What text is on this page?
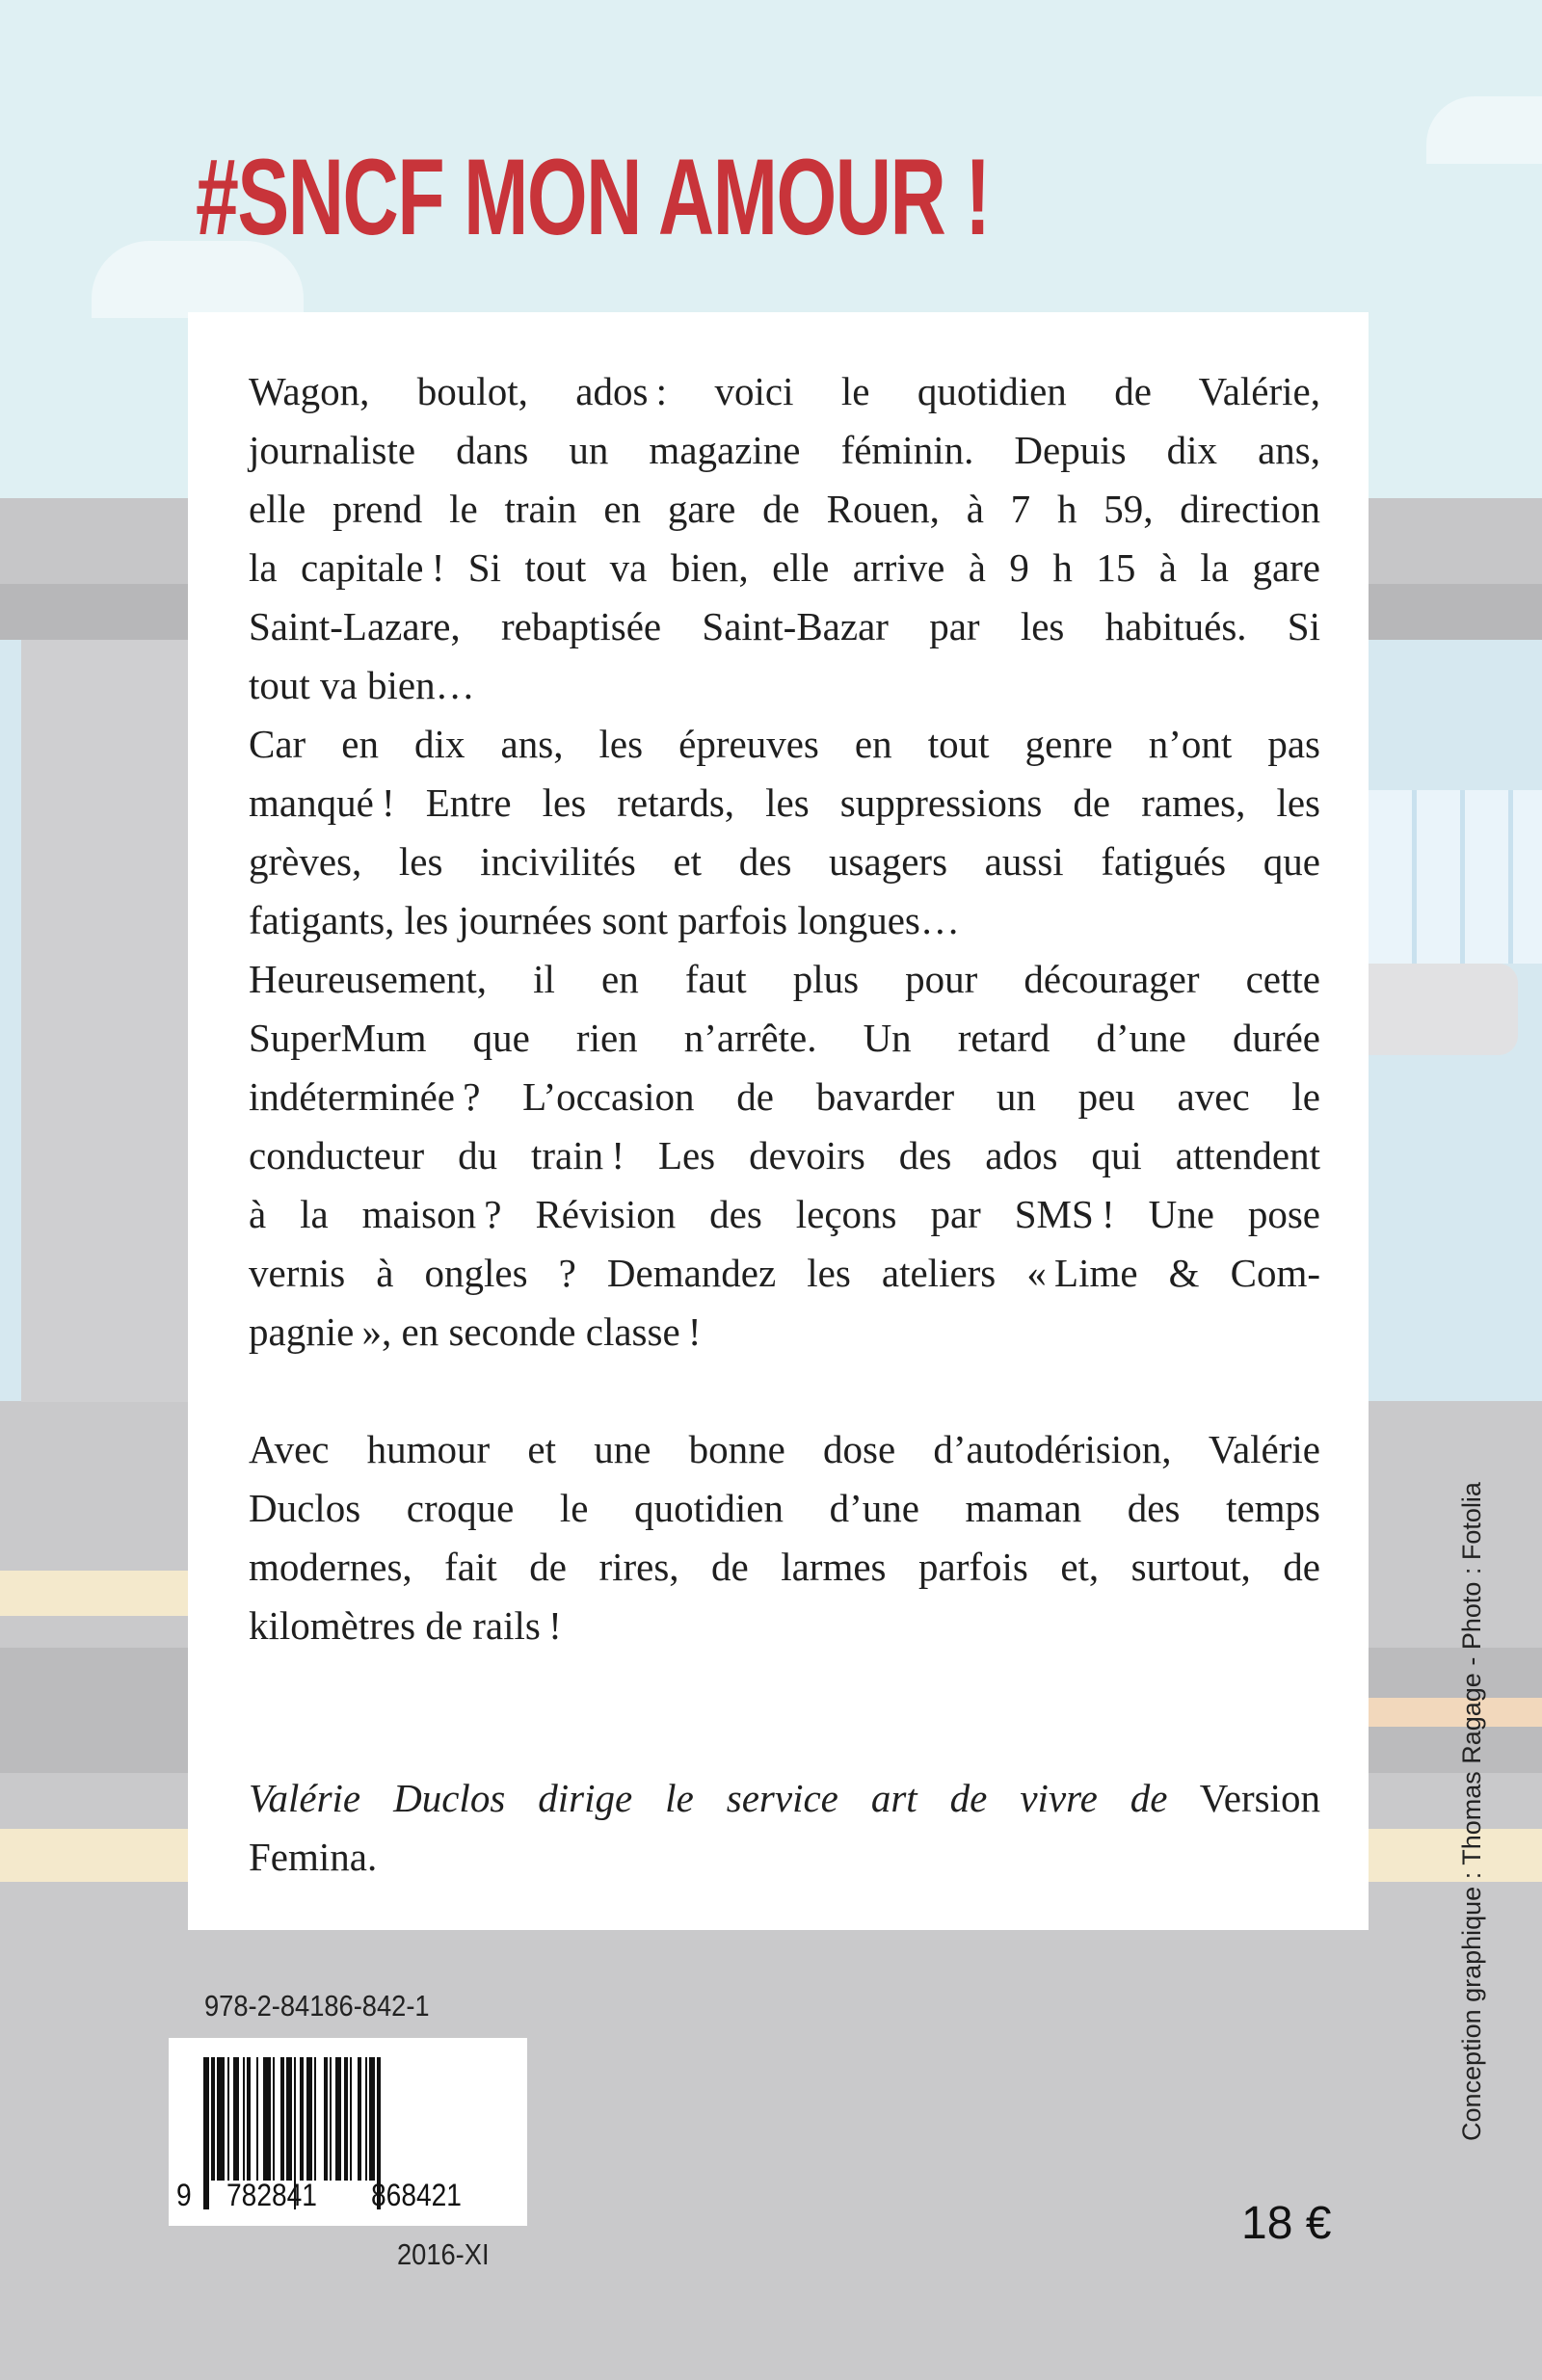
#SNCF MON AMOUR !
Wagon, boulot, ados : voici le quotidien de Valérie,
journaliste dans un magazine féminin. Depuis dix ans,
elle prend le train en gare de Rouen, à 7 h 59, direction
la capitale ! Si tout va bien, elle arrive à 9 h 15 à la gare
Saint-Lazare, rebaptisée Saint-Bazar par les habitués. Si
tout va bien…
Car en dix ans, les épreuves en tout genre n’ont pas
manqué ! Entre les retards, les suppressions de rames, les
grèves, les incivilités et des usagers aussi fatigués que
fatigants, les journées sont parfois longues…
Heureusement, il en faut plus pour décourager cette
SuperMum que rien n’arrête. Un retard d’une durée
indéterminée ? L’occasion de bavarder un peu avec le
conducteur du train ! Les devoirs des ados qui attendent
à la maison ? Révision des leçons par SMS ! Une pose
vernis à ongles ? Demandez les ateliers « Lime & Com-
pagnie », en seconde classe !
Avec humour et une bonne dose d’autodérision, Valérie
Duclos croque le quotidien d’une maman des temps
modernes, fait de rires, de larmes parfois et, surtout, de
kilomètres de rails !
Valérie Duclos dirige le service art de vivre de Version
Femina.
978-2-84186-842-1
9 782841 868421
2016-XI
18 €
Conception graphique : Thomas Ragage - Photo : Fotolia
